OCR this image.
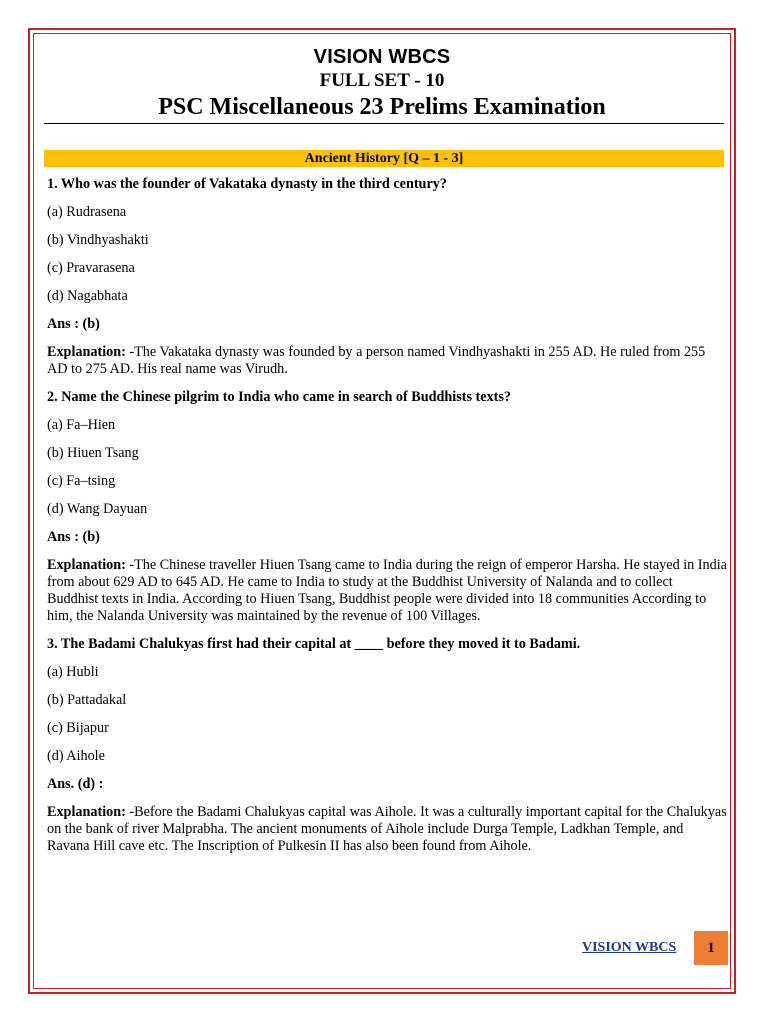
VISION WBCS
FULL SET - 10
PSC Miscellaneous 23 Prelims Examination
Ancient History [Q – 1 - 3]

1. Who was the founder of Vakataka dynasty in the third century?

(a) Rudrasena

(b) Vindhyashakti

(c) Pravarasena

(d) Nagabhata

Ans : (b)

Explanation: -The Vakataka dynasty was founded by a person named Vindhyashakti in 255 AD. He ruled from 255 AD to 275 AD. His real name was Virudh.

2. Name the Chinese pilgrim to India who came in search of Buddhists texts?

(a) Fa–Hien

(b) Hiuen Tsang

(c) Fa–tsing

(d) Wang Dayuan

Ans : (b)

Explanation: -The Chinese traveller Hiuen Tsang came to India during the reign of emperor Harsha. He stayed in India from about 629 AD to 645 AD. He came to India to study at the Buddhist University of Nalanda and to collect Buddhist texts in India. According to Hiuen Tsang, Buddhist people were divided into 18 communities According to him, the Nalanda University was maintained by the revenue of 100 Villages.

3. The Badami Chalukyas first had their capital at ____ before they moved it to Badami.

(a) Hubli

(b) Pattadakal

(c) Bijapur

(d) Aihole

Ans. (d) :

Explanation: -Before the Badami Chalukyas capital was Aihole. It was a culturally important capital for the Chalukyas on the bank of river Malprabha. The ancient monuments of Aihole include Durga Temple, Ladkhan Temple, and Ravana Hill cave etc. The Inscription of Pulkesin II has also been found from Aihole.

VISION WBCS	1
